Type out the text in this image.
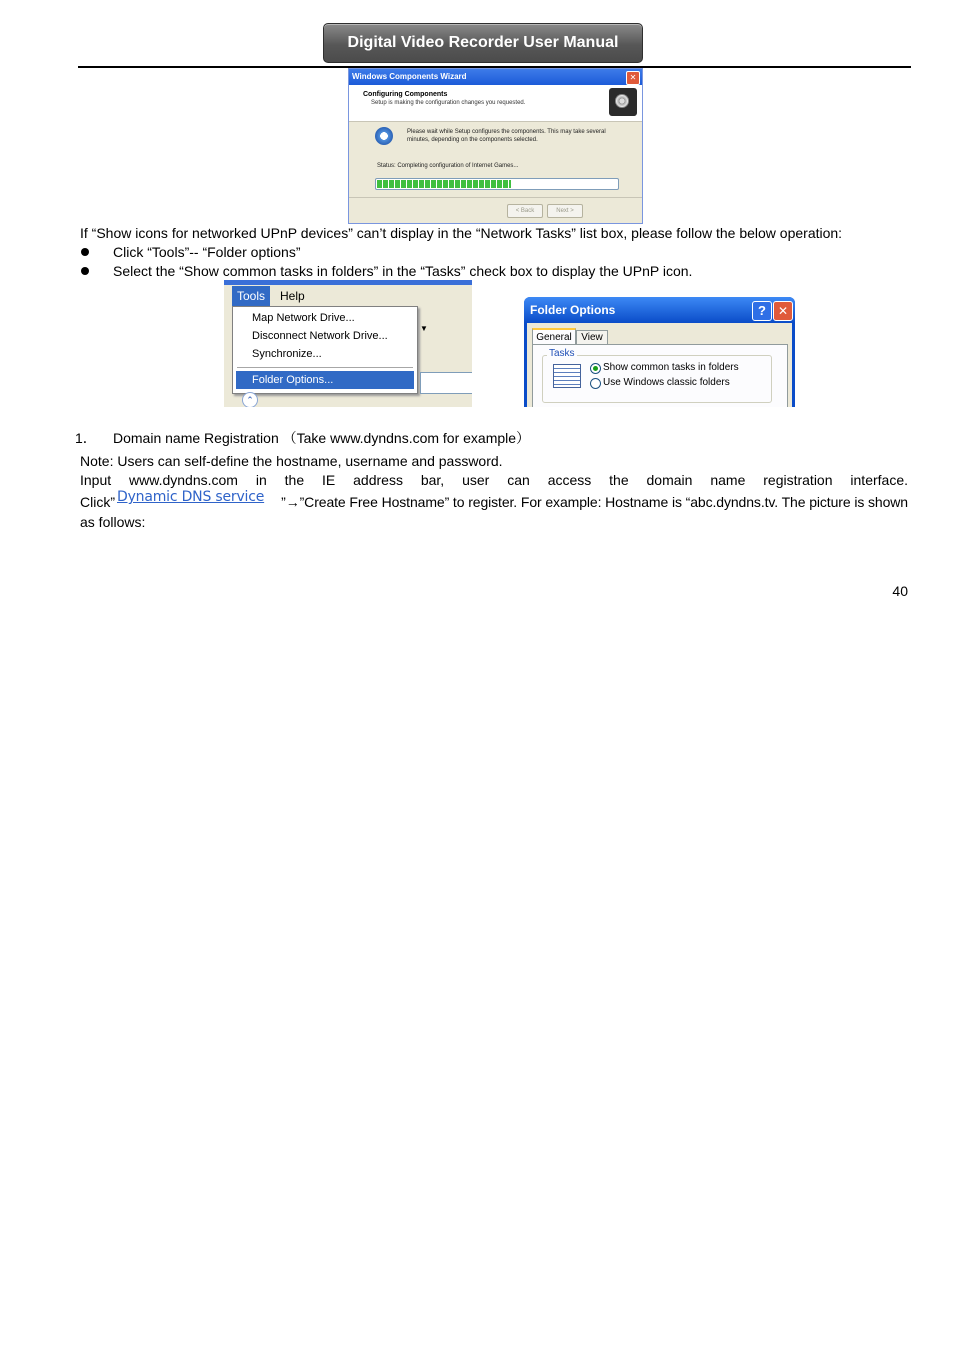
Digital Video Recorder User Manual
Windows Components Wizard	✕
Configuring Components
Setup is making the configuration changes you requested.
Please wait while Setup configures the components. This may take several minutes, depending on the components selected.
Status: Completing configuration of Internet Games...
< Back	Next >
If “Show icons for networked UPnP devices” can’t display in the “Network Tasks” list box, please follow the below operation:
Click “Tools”-- “Folder options”
Select the “Show common tasks in folders” in the “Tasks” check box to display the UPnP icon.
Tools	Help
Map Network Drive...
Disconnect Network Drive...
Synchronize...
Folder Options...
▼
⌃
Folder Options	?	✕
General View
Tasks
Show common tasks in folders
Use Windows classic folders
1． Domain name Registration （Take www.dyndns.com for example）
Note: Users can self-define the hostname, username and password.
Input www.dyndns.com in the IE address bar, user can access the domain name registration interface.
Click” Dynamic DNS service	”→”Create Free Hostname” to register. For example: Hostname is “abc.dyndns.tv. The picture is shown
as follows:
40
